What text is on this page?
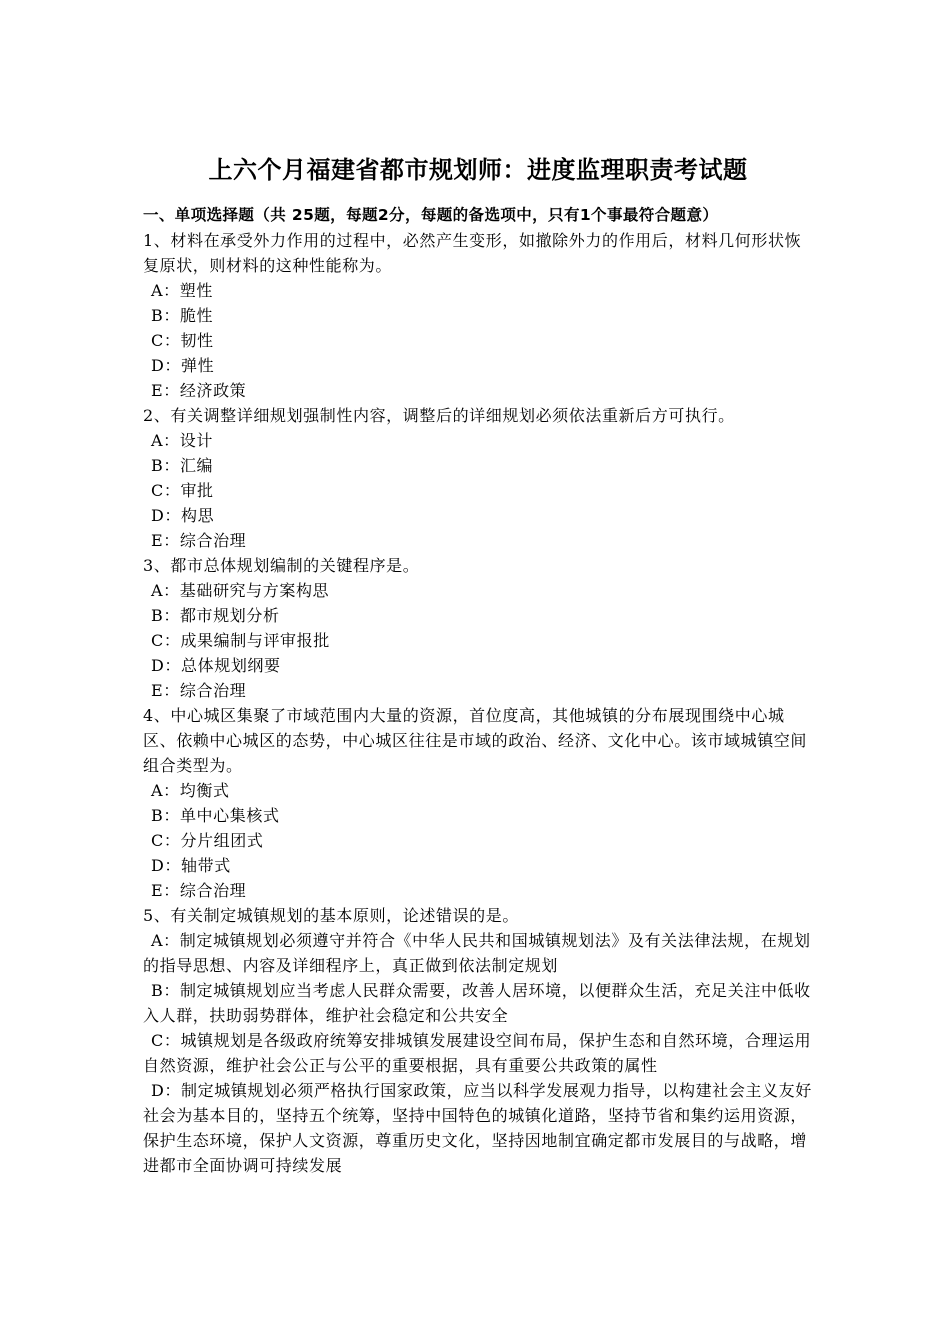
上六个月福建省都市规划师：进度监理职责考试题

一、单项选择题（共 25题，每题2分，每题的备选项中，只有1个事最符合题意）

1、材料在承受外力作用的过程中，必然产生变形，如撤除外力的作用后，材料几何形状恢复原状，则材料的这种性能称为。

A：塑性

B：脆性

C：韧性

D：弹性

E：经济政策

2、有关调整详细规划强制性内容，调整后的详细规划必须依法重新后方可执行。

A：设计

B：汇编

C：审批

D：构思

E：综合治理

3、都市总体规划编制的关键程序是。

A：基础研究与方案构思

B：都市规划分析

C：成果编制与评审报批

D：总体规划纲要

E：综合治理

4、中心城区集聚了市域范围内大量的资源，首位度高，其他城镇的分布展现围绕中心城区、依赖中心城区的态势，中心城区往往是市域的政治、经济、文化中心。该市域城镇空间组合类型为。

A：均衡式

B：单中心集核式

C：分片组团式

D：轴带式

E：综合治理

5、有关制定城镇规划的基本原则，论述错误的是。

A：制定城镇规划必须遵守并符合《中华人民共和国城镇规划法》及有关法律法规，在规划的指导思想、内容及详细程序上，真正做到依法制定规划

B：制定城镇规划应当考虑人民群众需要，改善人居环境，以便群众生活，充足关注中低收入人群，扶助弱势群体，维护社会稳定和公共安全

C：城镇规划是各级政府统筹安排城镇发展建设空间布局，保护生态和自然环境，合理运用自然资源，维护社会公正与公平的重要根据，具有重要公共政策的属性

D：制定城镇规划必须严格执行国家政策，应当以科学发展观力指导，以构建社会主义友好社会为基本目的，坚持五个统筹，坚持中国特色的城镇化道路，坚持节省和集约运用资源，保护生态环境，保护人文资源，尊重历史文化，坚持因地制宜确定都市发展目的与战略，增进都市全面协调可持续发展
